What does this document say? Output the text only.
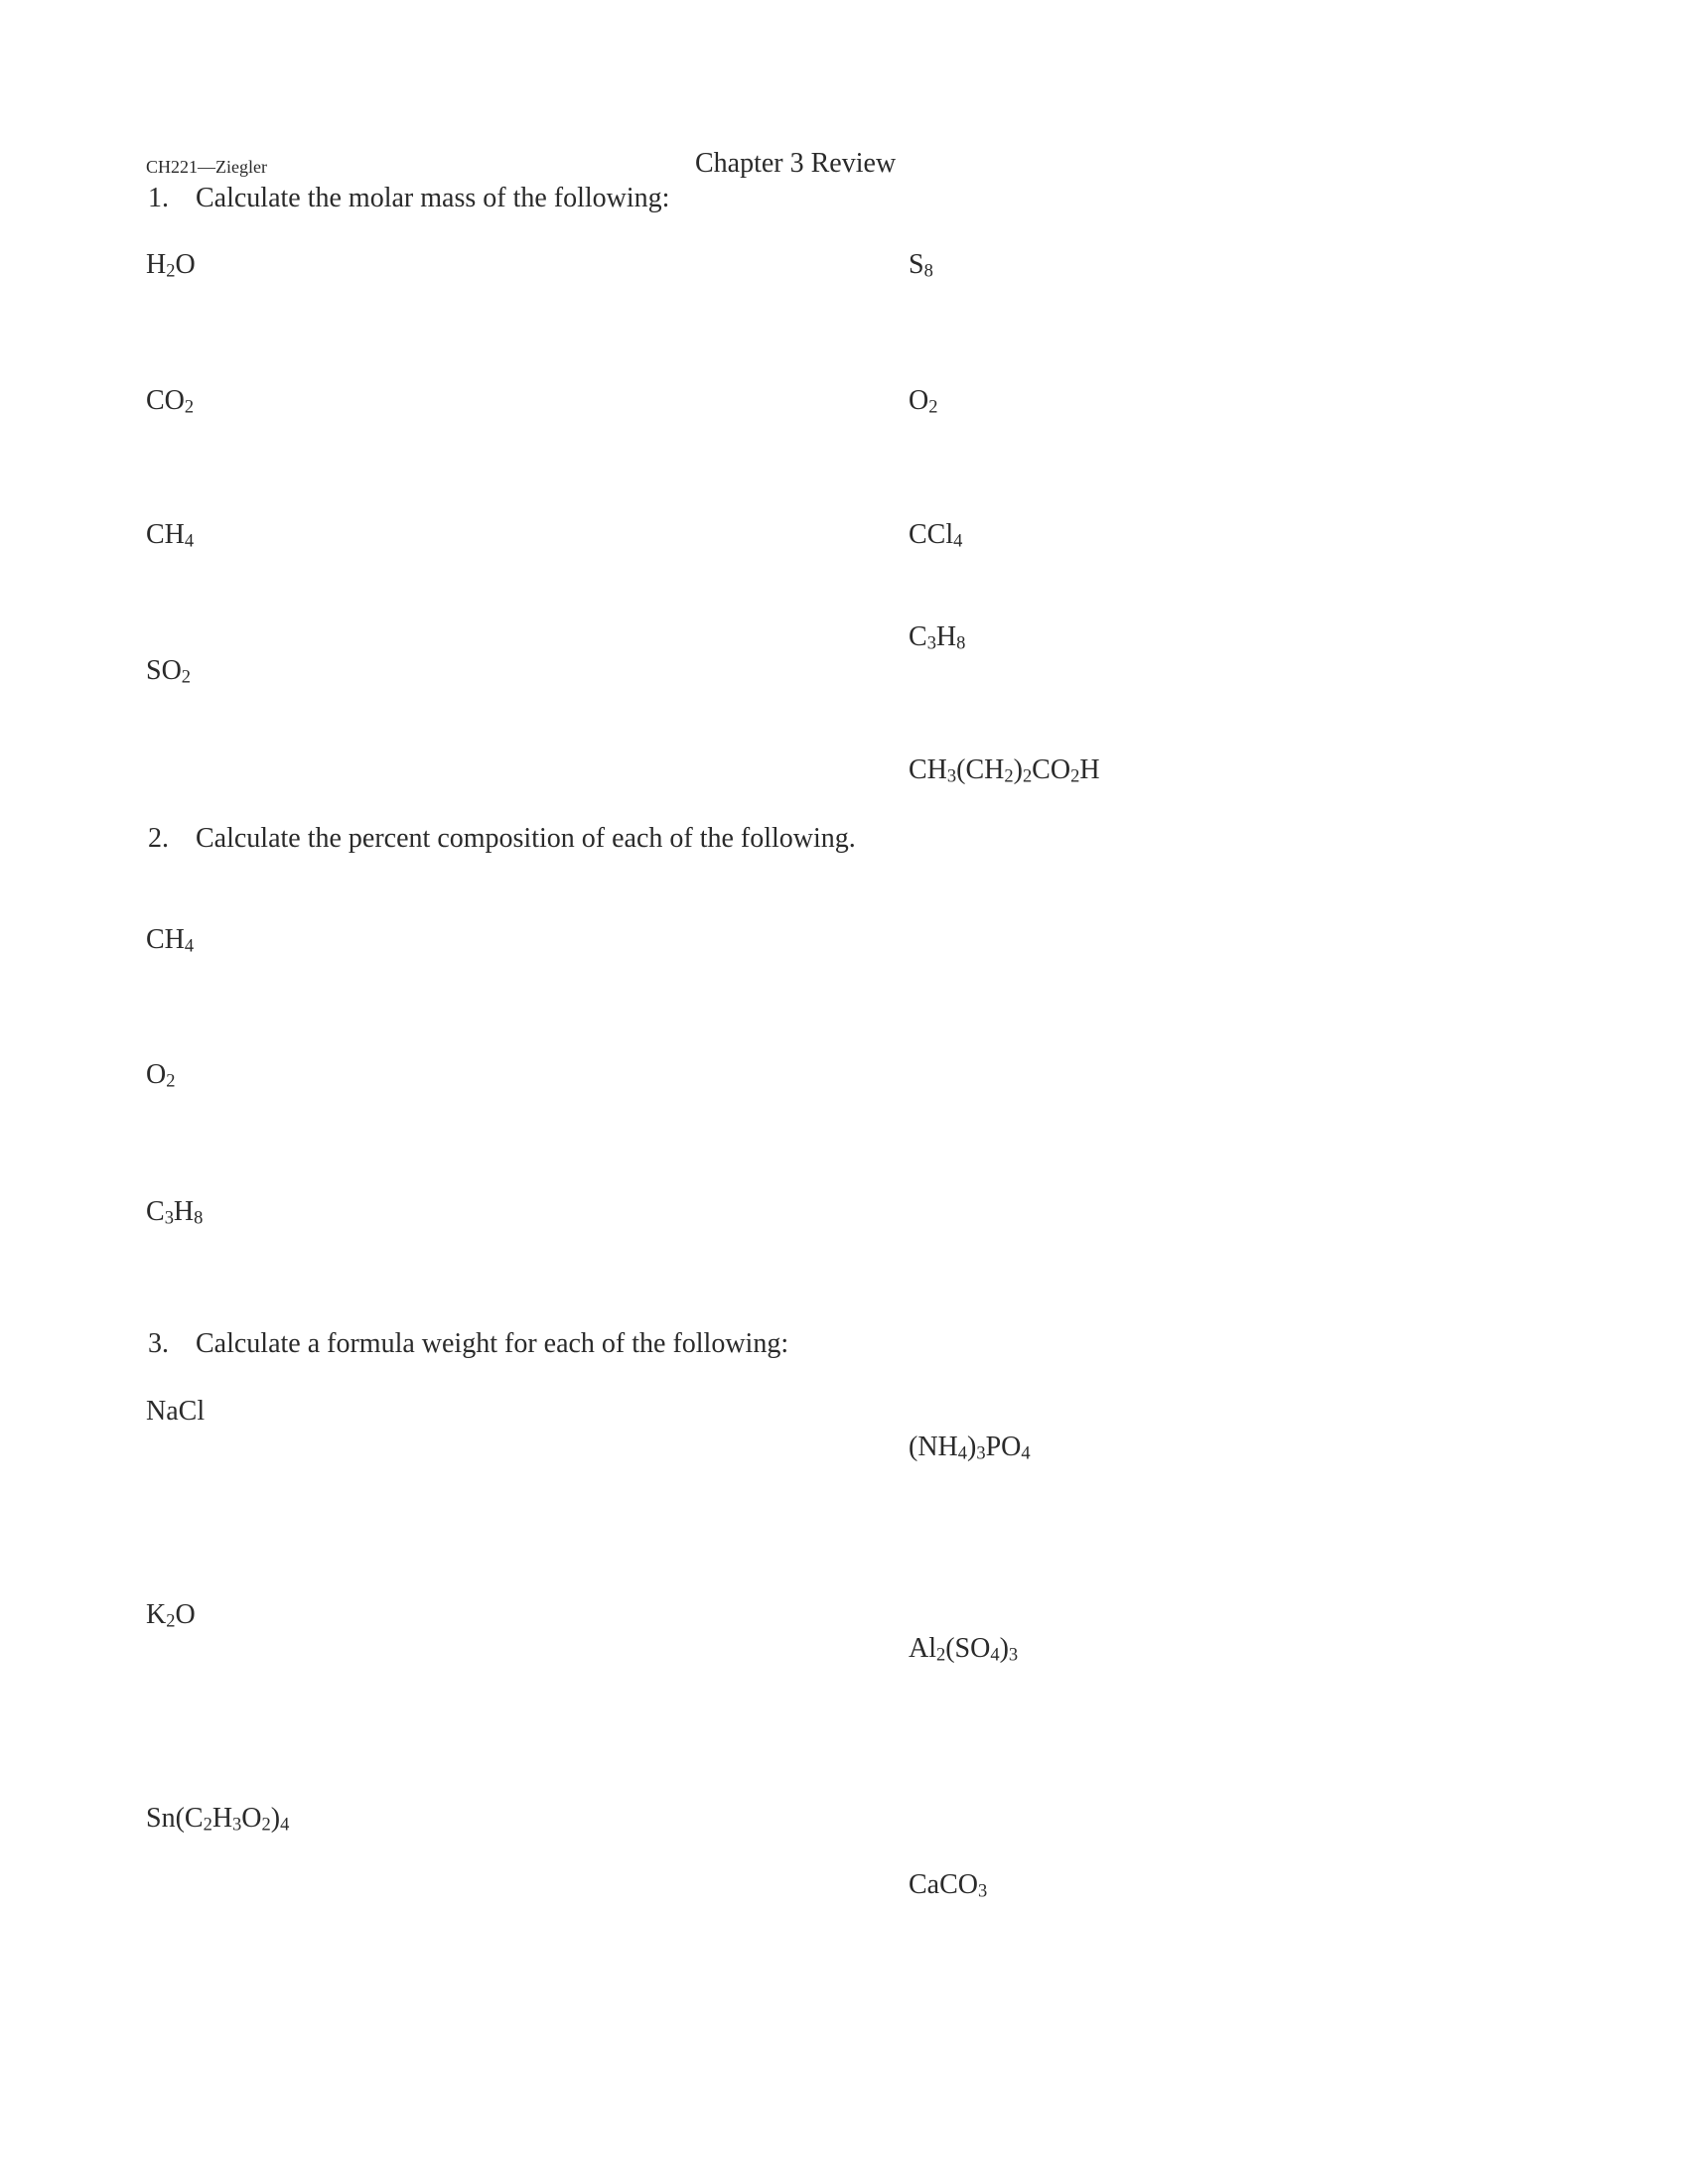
CH221—Ziegler	Chapter 3 Review
1. Calculate the molar mass of the following:
$H_2O$
$CO_2$
$CH_4$
$SO_2$
$S_8$
$O_2$
CCl$_4$
$C_3H_8$
$CH_3(CH_2)_2CO_2H$
2. Calculate the percent composition of each of the following.
$CH_4$
$O_2$
$C_3H_8$
3. Calculate a formula weight for each of the following:
NaCl
$K_2O$
$Sn(C_2H_3O_2)_4$
$(NH_4)_3PO_4$
$Al_2(SO_4)_3$
CaCO$_3$
